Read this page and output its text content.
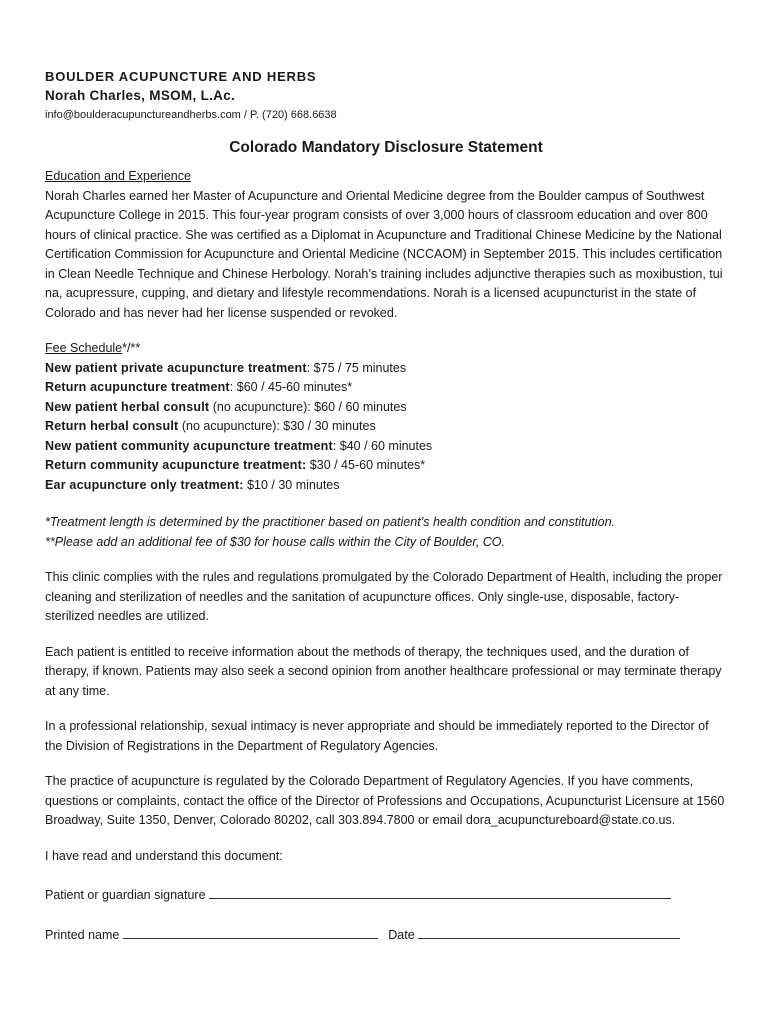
BOULDER ACUPUNCTURE AND HERBS
Norah Charles, MSOM, L.Ac.
info@boulderacupunctureandherbs.com / P. (720) 668.6638
Colorado Mandatory Disclosure Statement
Education and Experience

Norah Charles earned her Master of Acupuncture and Oriental Medicine degree from the Boulder campus of Southwest Acupuncture College in 2015. This four-year program consists of over 3,000 hours of classroom education and over 800 hours of clinical practice. She was certified as a Diplomat in Acupuncture and Traditional Chinese Medicine by the National Certification Commission for Acupuncture and Oriental Medicine (NCCAOM) in September 2015. This includes certification in Clean Needle Technique and Chinese Herbology. Norah’s training includes adjunctive therapies such as moxibustion, tui na, acupressure, cupping, and dietary and lifestyle recommendations. Norah is a licensed acupuncturist in the state of Colorado and has never had her license suspended or revoked.

Fee Schedule*/**
New patient private acupuncture treatment: $75 / 75 minutes
Return acupuncture treatment: $60 / 45-60 minutes*
New patient herbal consult (no acupuncture): $60 / 60 minutes
Return herbal consult (no acupuncture): $30 / 30 minutes
New patient community acupuncture treatment: $40 / 60 minutes
Return community acupuncture treatment: $30 / 45-60 minutes*
Ear acupuncture only treatment: $10 / 30 minutes
*Treatment length is determined by the practitioner based on patient’s health condition and constitution.
**Please add an additional fee of $30 for house calls within the City of Boulder, CO.

This clinic complies with the rules and regulations promulgated by the Colorado Department of Health, including the proper cleaning and sterilization of needles and the sanitation of acupuncture offices. Only single-use, disposable, factory-sterilized needles are utilized.

Each patient is entitled to receive information about the methods of therapy, the techniques used, and the duration of therapy, if known. Patients may also seek a second opinion from another healthcare professional or may terminate therapy at any time.

In a professional relationship, sexual intimacy is never appropriate and should be immediately reported to the Director of the Division of Registrations in the Department of Regulatory Agencies.

The practice of acupuncture is regulated by the Colorado Department of Regulatory Agencies. If you have comments, questions or complaints, contact the office of the Director of Professions and Occupations, Acupuncturist Licensure at 1560 Broadway, Suite 1350, Denver, Colorado 80202, call 303.894.7800 or email dora_acupunctureboard@state.co.us.

I have read and understand this document:

Patient or guardian signature
Printed name	Date
